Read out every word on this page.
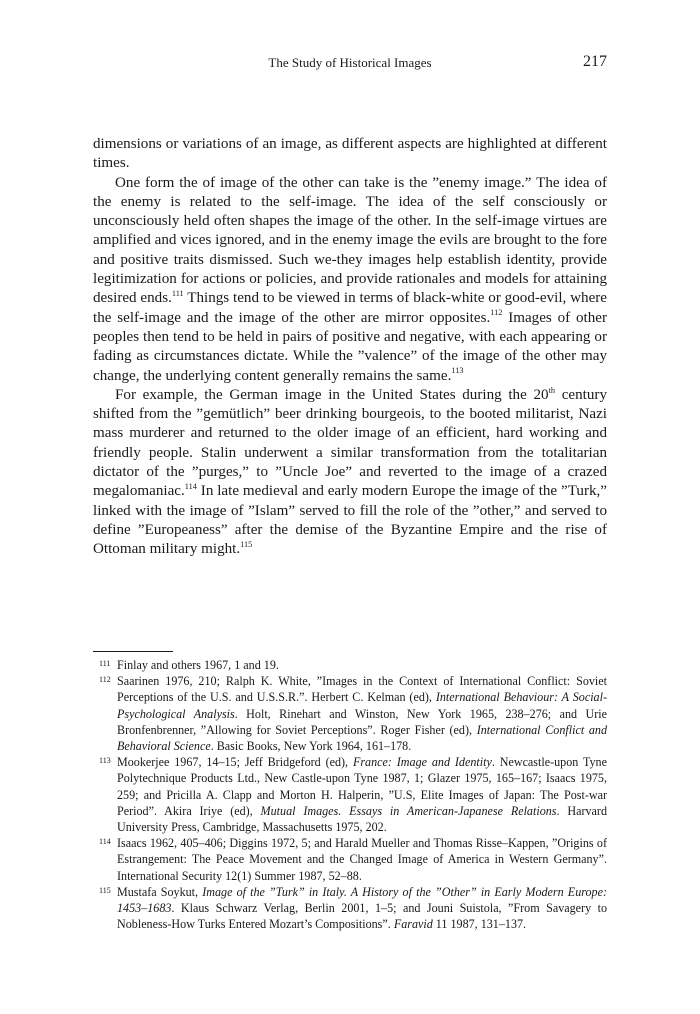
The Study of Historical Images	217

dimensions or variations of an image, as different aspects are highlighted at different times.

One form the of image of the other can take is the ”enemy image.” The idea of the enemy is related to the self-image. The idea of the self consciously or unconsciously held often shapes the image of the other. In the self-image virtues are amplified and vices ignored, and in the enemy image the evils are brought to the fore and positive traits dismissed. Such we-they images help establish identity, provide legitimization for actions or policies, and provide rationales and models for attaining desired ends.$^{111}$ Things tend to be viewed in terms of black-white or good-evil, where the self-image and the image of the other are mirror opposites.$^{112}$ Images of other peoples then tend to be held in pairs of positive and negative, with each appearing or fading as circumstances dictate. While the ”valence” of the image of the other may change, the underlying content generally remains the same.$^{113}$

For example, the German image in the United States during the 20th century shifted from the ”gemütlich” beer drinking bourgeois, to the booted militarist, Nazi mass murderer and returned to the older image of an efficient, hard working and friendly people. Stalin underwent a similar transformation from the totalitarian dictator of the ”purges,” to ”Uncle Joe” and reverted to the image of a crazed megalomaniac.$^{114}$ In late medieval and early modern Europe the image of the ”Turk,” linked with the image of ”Islam” served to fill the role of the ”other,” and served to define ”Europeaness” after the demise of the Byzantine Empire and the rise of Ottoman military might.$^{115}$

111 Finlay and others 1967, 1 and 19.
112 Saarinen 1976, 210; Ralph K. White, ”Images in the Context of International Conflict: Soviet Perceptions of the U.S. and U.S.S.R.”. Herbert C. Kelman (ed), International Behaviour: A Social-Psychological Analysis. Holt, Rinehart and Winston, New York 1965, 238–276; and Urie Bronfenbrenner, ”Allowing for Soviet Perceptions”. Roger Fisher (ed), International Conflict and Behavioral Science. Basic Books, New York 1964, 161–178.
113 Mookerjee 1967, 14–15; Jeff Bridgeford (ed), France: Image and Identity. Newcastle-upon Tyne Polytechnique Products Ltd., New Castle-upon Tyne 1987, 1; Glazer 1975, 165–167; Isaacs 1975, 259; and Pricilla A. Clapp and Morton H. Halperin, ”U.S, Elite Images of Japan: The Post-war Period”. Akira Iriye (ed), Mutual Images. Essays in American-Japanese Relations. Harvard University Press, Cambridge, Massachusetts 1975, 202.
114 Isaacs 1962, 405–406; Diggins 1972, 5; and Harald Mueller and Thomas Risse–Kappen, ”Origins of Estrangement: The Peace Movement and the Changed Image of America in Western Germany”. International Security 12(1) Summer 1987, 52–88.
115 Mustafa Soykut, Image of the ”Turk” in Italy. A History of the ”Other” in Early Modern Europe: 1453–1683. Klaus Schwarz Verlag, Berlin 2001, 1–5; and Jouni Suistola, ”From Savagery to Nobleness-How Turks Entered Mozart’s Compositions”. Faravid 11 1987, 131–137.
